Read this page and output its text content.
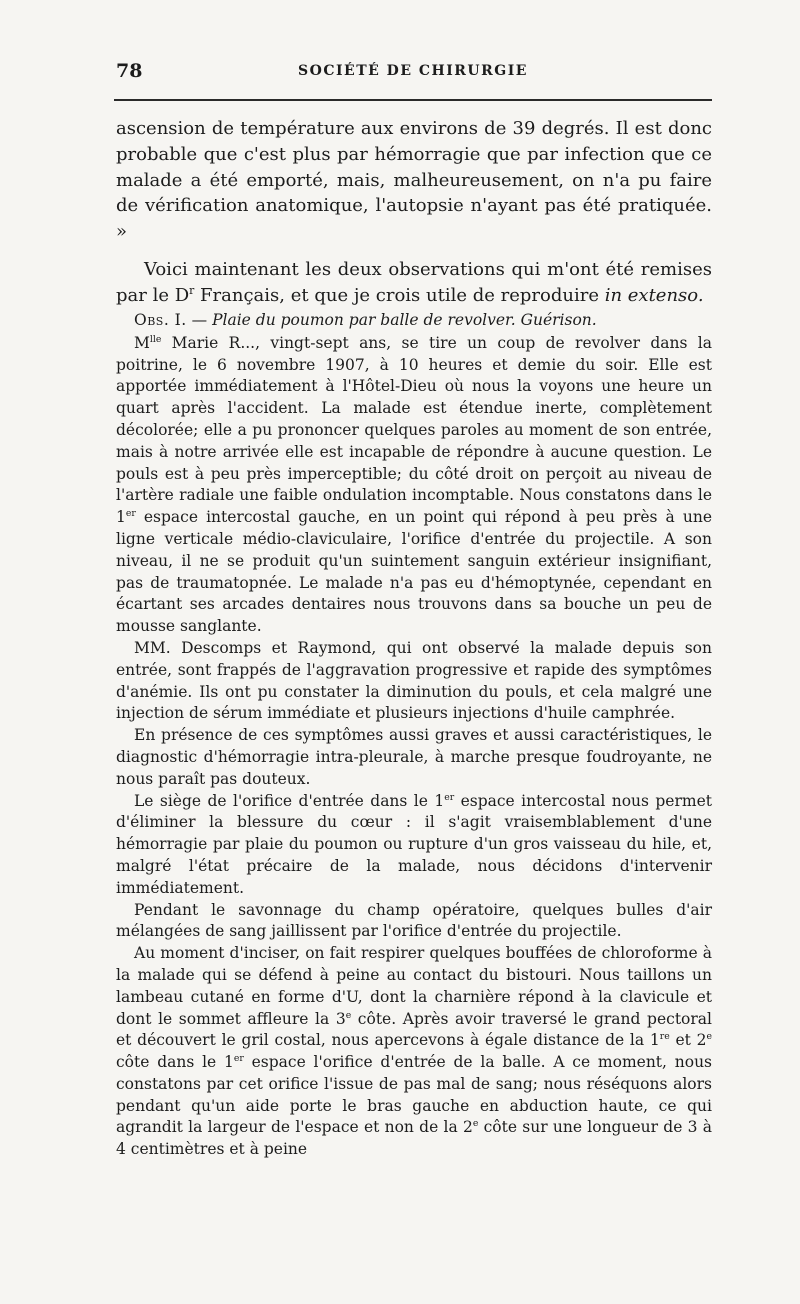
78	SOCIÉTÉ DE CHIRURGIE

ascension de température aux environs de 39 degrés. Il est donc probable que c'est plus par hémorragie que par infection que ce malade a été emporté, mais, malheureusement, on n'a pu faire de vérification anatomique, l'autopsie n'ayant pas été pratiquée. »

Voici maintenant les deux observations qui m'ont été remises par le $D^r$ Français, et que je crois utile de reproduire in extenso.

Obs. I. — Plaie du poumon par balle de revolver. Guérison.

$M^{lle}$ Marie R..., vingt-sept ans, se tire un coup de revolver dans la poitrine, le 6 novembre 1907, à 10 heures et demie du soir. Elle est apportée immédiatement à l'Hôtel-Dieu où nous la voyons une heure un quart après l'accident. La malade est étendue inerte, complètement décolorée; elle a pu prononcer quelques paroles au moment de son entrée, mais à notre arrivée elle est incapable de répondre à aucune question. Le pouls est à peu près imperceptible; du côté droit on perçoit au niveau de l'artère radiale une faible ondulation incomptable. Nous constatons dans le 1er espace intercostal gauche, en un point qui répond à peu près à une ligne verticale médio-claviculaire, l'orifice d'entrée du projectile. A son niveau, il ne se produit qu'un suintement sanguin extérieur insignifiant, pas de traumatopnée. Le malade n'a pas eu d'hémoptynée, cependant en écartant ses arcades dentaires nous trouvons dans sa bouche un peu de mousse sanglante.

MM. Descomps et Raymond, qui ont observé la malade depuis son entrée, sont frappés de l'aggravation progressive et rapide des symptômes d'anémie. Ils ont pu constater la diminution du pouls, et cela malgré une injection de sérum immédiate et plusieurs injections d'huile camphrée.

En présence de ces symptômes aussi graves et aussi caractéristiques, le diagnostic d'hémorragie intra-pleurale, à marche presque foudroyante, ne nous paraît pas douteux.

Le siège de l'orifice d'entrée dans le 1er espace intercostal nous permet d'éliminer la blessure du cœur : il s'agit vraisemblablement d'une hémorragie par plaie du poumon ou rupture d'un gros vaisseau du hile, et, malgré l'état précaire de la malade, nous décidons d'intervenir immédiatement.

Pendant le savonnage du champ opératoire, quelques bulles d'air mélangées de sang jaillissent par l'orifice d'entrée du projectile.

Au moment d'inciser, on fait respirer quelques bouffées de chloroforme à la malade qui se défend à peine au contact du bistouri. Nous taillons un lambeau cutané en forme d'U, dont la charnière répond à la clavicule et dont le sommet affleure la 3e côte. Après avoir traversé le grand pectoral et découvert le gril costal, nous apercevons à égale distance de la 1re et 2e côte dans le 1er espace l'orifice d'entrée de la balle. A ce moment, nous constatons par cet orifice l'issue de pas mal de sang; nous réséquons alors pendant qu'un aide porte le bras gauche en abduction haute, ce qui agrandit la largeur de l'espace et non de la 2e côte sur une longueur de 3 à 4 centimètres et à peine
